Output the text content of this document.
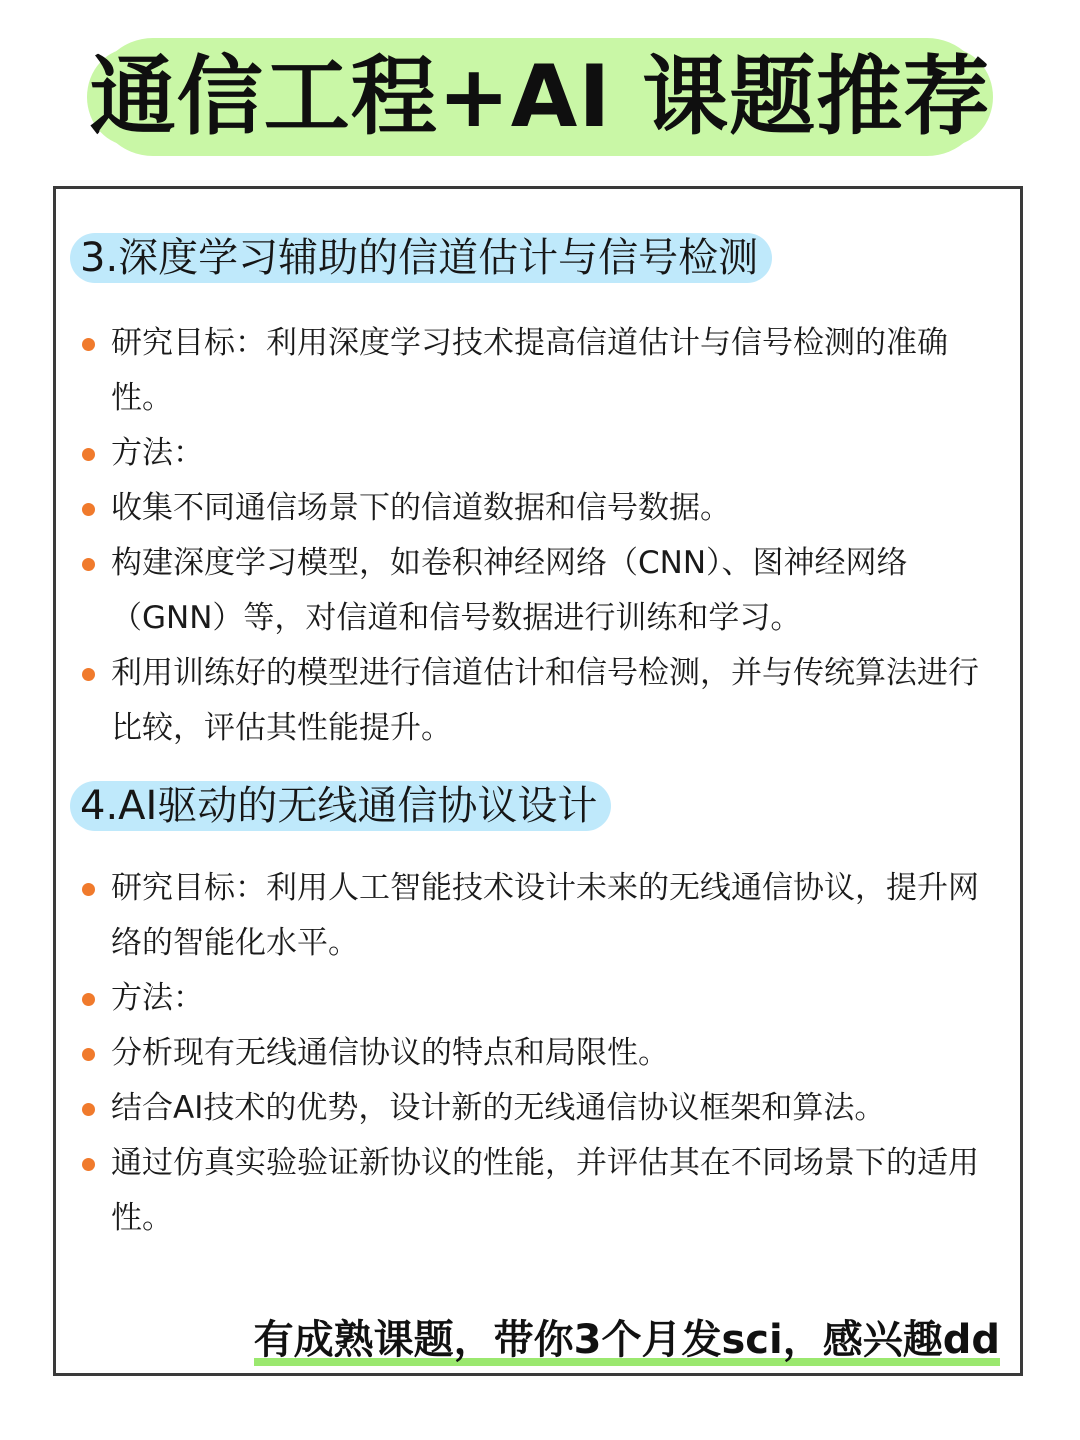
通信工程+AI 课题推荐
3.深度学习辅助的信道估计与信号检测
研究目标：利用深度学习技术提高信道估计与信号检测的准确性。
方法：
收集不同通信场景下的信道数据和信号数据。
构建深度学习模型，如卷积神经网络（CNN）、图神经网络（GNN）等，对信道和信号数据进行训练和学习。
利用训练好的模型进行信道估计和信号检测，并与传统算法进行比较，评估其性能提升。
4.AI驱动的无线通信协议设计
研究目标：利用人工智能技术设计未来的无线通信协议，提升网络的智能化水平。
方法：
分析现有无线通信协议的特点和局限性。
结合AI技术的优势，设计新的无线通信协议框架和算法。
通过仿真实验验证新协议的性能，并评估其在不同场景下的适用性。
有成熟课题，带你3个月发sci，感兴趣dd
